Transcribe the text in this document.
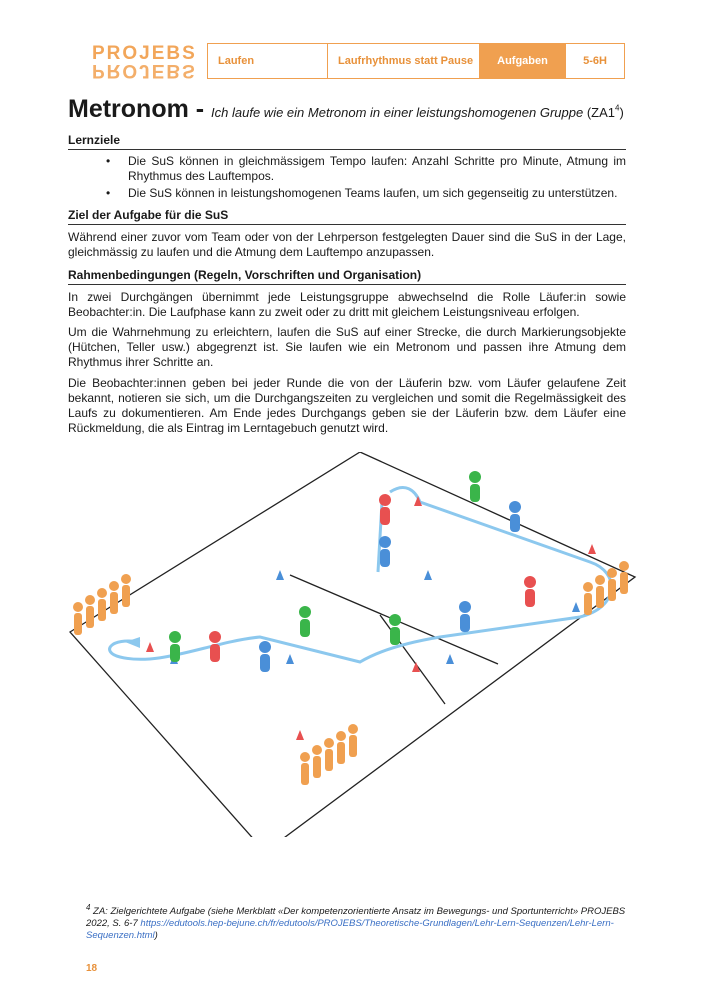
PROJEBS
PROJEBS	Laufen	Laufrhythmus statt Pause	Aufgaben	5-6H
Metronom - Ich laufe wie ein Metronom in einer leistungshomogenen Gruppe $(ZA1^4)$
Lernziele
• Die SuS können in gleichmässigem Tempo laufen: Anzahl Schritte pro Minute, Atmung im Rhythmus des Lauftempos.
• Die SuS können in leistungshomogenen Teams laufen, um sich gegenseitig zu unterstützen.
Ziel der Aufgabe für die SuS
Während einer zuvor vom Team oder von der Lehrperson festgelegten Dauer sind die SuS in der Lage, gleichmässig zu laufen und die Atmung dem Lauftempo anzupassen.
Rahmenbedingungen (Regeln, Vorschriften und Organisation)
In zwei Durchgängen übernimmt jede Leistungsgruppe abwechselnd die Rolle Läufer:in sowie Beobachter:in. Die Laufphase kann zu zweit oder zu dritt mit gleichem Leistungsniveau erfolgen.
Um die Wahrnehmung zu erleichtern, laufen die SuS auf einer Strecke, die durch Markierungsobjekte (Hütchen, Teller usw.) abgegrenzt ist. Sie laufen wie ein Metronom und passen ihre Atmung dem Rhythmus ihrer Schritte an.
Die Beobachter:innen geben bei jeder Runde die von der Läuferin bzw. vom Läufer gelaufene Zeit bekannt, notieren sie sich, um die Durchgangszeiten zu vergleichen und somit die Regelmässigkeit des Laufs zu dokumentieren. Am Ende jedes Durchgangs geben sie der Läuferin bzw. dem Läufer eine Rückmeldung, die als Eintrag im Lerntagebuch genutzt wird.
$^4$ ZA: Zielgerichtete Aufgabe (siehe Merkblatt «Der kompetenzorientierte Ansatz im Bewegungs- und Sportunterricht» PROJEBS 2022, S. 6-7 https://edutools.hep-bejune.ch/fr/edutools/PROJEBS/Theoretische-Grundlagen/Lehr-Lern-Sequenzen/Lehr-Lern-Sequenzen.html)
18
